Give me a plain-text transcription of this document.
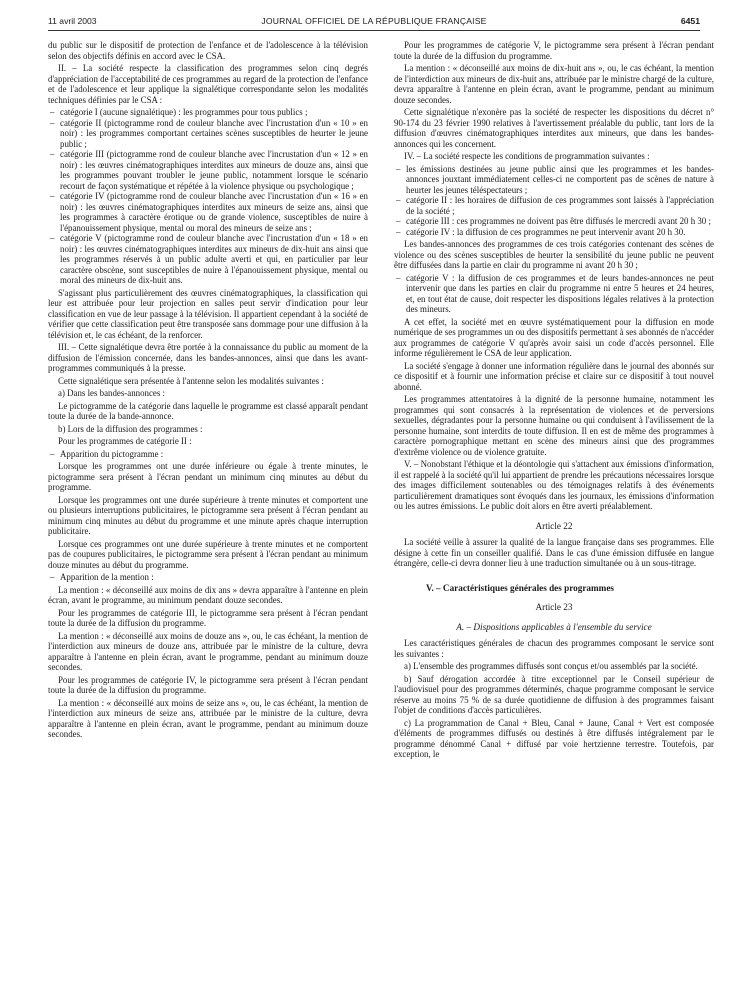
11 avril 2003	JOURNAL OFFICIEL DE LA RÉPUBLIQUE FRANÇAISE	6451

du public sur le dispositif de protection de l'enfance et de l'adolescence à la télévision selon des objectifs définis en accord avec le CSA.

II. – La société respecte la classification des programmes selon cinq degrés d'appréciation de l'acceptabilité de ces programmes au regard de la protection de l'enfance et de l'adolescence et leur applique la signalétique correspondante selon les modalités techniques définies par le CSA :

– catégorie I (aucune signalétique) : les programmes pour tous publics ;
– catégorie II (pictogramme rond de couleur blanche avec l'incrustation d'un « 10 » en noir) : les programmes comportant certaines scènes susceptibles de heurter le jeune public ;
– catégorie III (pictogramme rond de couleur blanche avec l'incrustation d'un « 12 » en noir) : les œuvres cinématographiques interdites aux mineurs de douze ans, ainsi que les programmes pouvant troubler le jeune public, notamment lorsque le scénario recourt de façon systématique et répétée à la violence physique ou psychologique ;
– catégorie IV (pictogramme rond de couleur blanche avec l'incrustation d'un « 16 » en noir) : les œuvres cinématographiques interdites aux mineurs de seize ans, ainsi que les programmes à caractère érotique ou de grande violence, susceptibles de nuire à l'épanouissement physique, mental ou moral des mineurs de seize ans ;
– catégorie V (pictogramme rond de couleur blanche avec l'incrustation d'un « 18 » en noir) : les œuvres cinématographiques interdites aux mineurs de dix-huit ans ainsi que les programmes réservés à un public adulte averti et qui, en particulier par leur caractère obscène, sont susceptibles de nuire à l'épanouissement physique, mental ou moral des mineurs de dix-huit ans.

S'agissant plus particulièrement des œuvres cinématographiques, la classification qui leur est attribuée pour leur projection en salles peut servir d'indication pour leur classification en vue de leur passage à la télévision. Il appartient cependant à la société de vérifier que cette classification peut être transposée sans dommage pour une diffusion à la télévision et, le cas échéant, de la renforcer.

III. – Cette signalétique devra être portée à la connaissance du public au moment de la diffusion de l'émission concernée, dans les bandes-annonces, ainsi que dans les avant-programmes communiqués à la presse.

Cette signalétique sera présentée à l'antenne selon les modalités suivantes :

a) Dans les bandes-annonces :

Le pictogramme de la catégorie dans laquelle le programme est classé apparaît pendant toute la durée de la bande-annonce.

b) Lors de la diffusion des programmes :

Pour les programmes de catégorie II :

– Apparition du pictogramme :

Lorsque les programmes ont une durée inférieure ou égale à trente minutes, le pictogramme sera présent à l'écran pendant un minimum cinq minutes au début du programme.

Lorsque les programmes ont une durée supérieure à trente minutes et comportent une ou plusieurs interruptions publicitaires, le pictogramme sera présent à l'écran pendant au minimum cinq minutes au début du programme et une minute après chaque interruption publicitaire.

Lorsque ces programmes ont une durée supérieure à trente minutes et ne comportent pas de coupures publicitaires, le pictogramme sera présent à l'écran pendant au minimum douze minutes au début du programme.

– Apparition de la mention :

La mention : « déconseillé aux moins de dix ans » devra apparaître à l'antenne en plein écran, avant le programme, au minimum pendant douze secondes.

Pour les programmes de catégorie III, le pictogramme sera présent à l'écran pendant toute la durée de la diffusion du programme.

La mention : « déconseillé aux moins de douze ans », ou, le cas échéant, la mention de l'interdiction aux mineurs de douze ans, attribuée par le ministre de la culture, devra apparaître à l'antenne en plein écran, avant le programme, pendant au minimum douze secondes.

Pour les programmes de catégorie IV, le pictogramme sera présent à l'écran pendant toute la durée de la diffusion du programme.

La mention : « déconseillé aux moins de seize ans », ou, le cas échéant, la mention de l'interdiction aux mineurs de seize ans, attribuée par le ministre de la culture, devra apparaître à l'antenne en plein écran, avant le programme, pendant au minimum douze secondes.

Pour les programmes de catégorie V, le pictogramme sera présent à l'écran pendant toute la durée de la diffusion du programme.

La mention : « déconseillé aux moins de dix-huit ans », ou, le cas échéant, la mention de l'interdiction aux mineurs de dix-huit ans, attribuée par le ministre chargé de la culture, devra apparaître à l'antenne en plein écran, avant le programme, pendant au minimum douze secondes.

Cette signalétique n'exonère pas la société de respecter les dispositions du décret n° 90-174 du 23 février 1990 relatives à l'avertissement préalable du public, tant lors de la diffusion d'œuvres cinématographiques interdites aux mineurs, que dans les bandes-annonces qui les concernent.

IV. – La société respecte les conditions de programmation suivantes :

– les émissions destinées au jeune public ainsi que les programmes et les bandes-annonces jouxtant immédiatement celles-ci ne comportent pas de scènes de nature à heurter les jeunes téléspectateurs ;
– catégorie II : les horaires de diffusion de ces programmes sont laissés à l'appréciation de la société ;
– catégorie III : ces programmes ne doivent pas être diffusés le mercredi avant 20 h 30 ;
– catégorie IV : la diffusion de ces programmes ne peut intervenir avant 20 h 30.

Les bandes-annonces des programmes de ces trois catégories contenant des scènes de violence ou des scènes susceptibles de heurter la sensibilité du jeune public ne peuvent être diffusées dans la partie en clair du programme ni avant 20 h 30 ;

– catégorie V : la diffusion de ces programmes et de leurs bandes-annonces ne peut intervenir que dans les parties en clair du programme ni entre 5 heures et 24 heures, et, en tout état de cause, doit respecter les dispositions légales relatives à la protection des mineurs.

A cet effet, la société met en œuvre systématiquement pour la diffusion en mode numérique de ses programmes un ou des dispositifs permettant à ses abonnés de n'accéder aux programmes de catégorie V qu'après avoir saisi un code d'accès personnel. Elle informe régulièrement le CSA de leur application.

La société s'engage à donner une information régulière dans le journal des abonnés sur ce dispositif et à fournir une information précise et claire sur ce dispositif à tout nouvel abonné.

Les programmes attentatoires à la dignité de la personne humaine, notamment les programmes qui sont consacrés à la représentation de violences et de perversions sexuelles, dégradantes pour la personne humaine ou qui conduisent à l'avilissement de la personne humaine, sont interdits de toute diffusion. Il en est de même des programmes à caractère pornographique mettant en scène des mineurs ainsi que des programmes d'extrême violence ou de violence gratuite.

V. – Nonobstant l'éthique et la déontologie qui s'attachent aux émissions d'information, il est rappelé à la société qu'il lui appartient de prendre les précautions nécessaires lorsque des images difficilement soutenables ou des témoignages relatifs à des événements particulièrement dramatiques sont évoqués dans les journaux, les émissions d'information ou les autres émissions. Le public doit alors en être averti préalablement.

Article 22

La société veille à assurer la qualité de la langue française dans ses programmes. Elle désigne à cette fin un conseiller qualifié. Dans le cas d'une émission diffusée en langue étrangère, celle-ci devra donner lieu à une traduction simultanée ou à un sous-titrage.

V. – Caractéristiques générales des programmes
Article 23
A. – Dispositions applicables à l'ensemble du service

Les caractéristiques générales de chacun des programmes composant le service sont les suivantes :

a) L'ensemble des programmes diffusés sont conçus et/ou assemblés par la société.

b) Sauf dérogation accordée à titre exceptionnel par le Conseil supérieur de l'audiovisuel pour des programmes déterminés, chaque programme composant le service réserve au moins 75 % de sa durée quotidienne de diffusion à des programmes faisant l'objet de conditions d'accès particulières.

c) La programmation de Canal + Bleu, Canal + Jaune, Canal + Vert est composée d'éléments de programmes diffusés ou destinés à être diffusés intégralement par le programme dénommé Canal + diffusé par voie hertzienne terrestre. Toutefois, par exception, le
